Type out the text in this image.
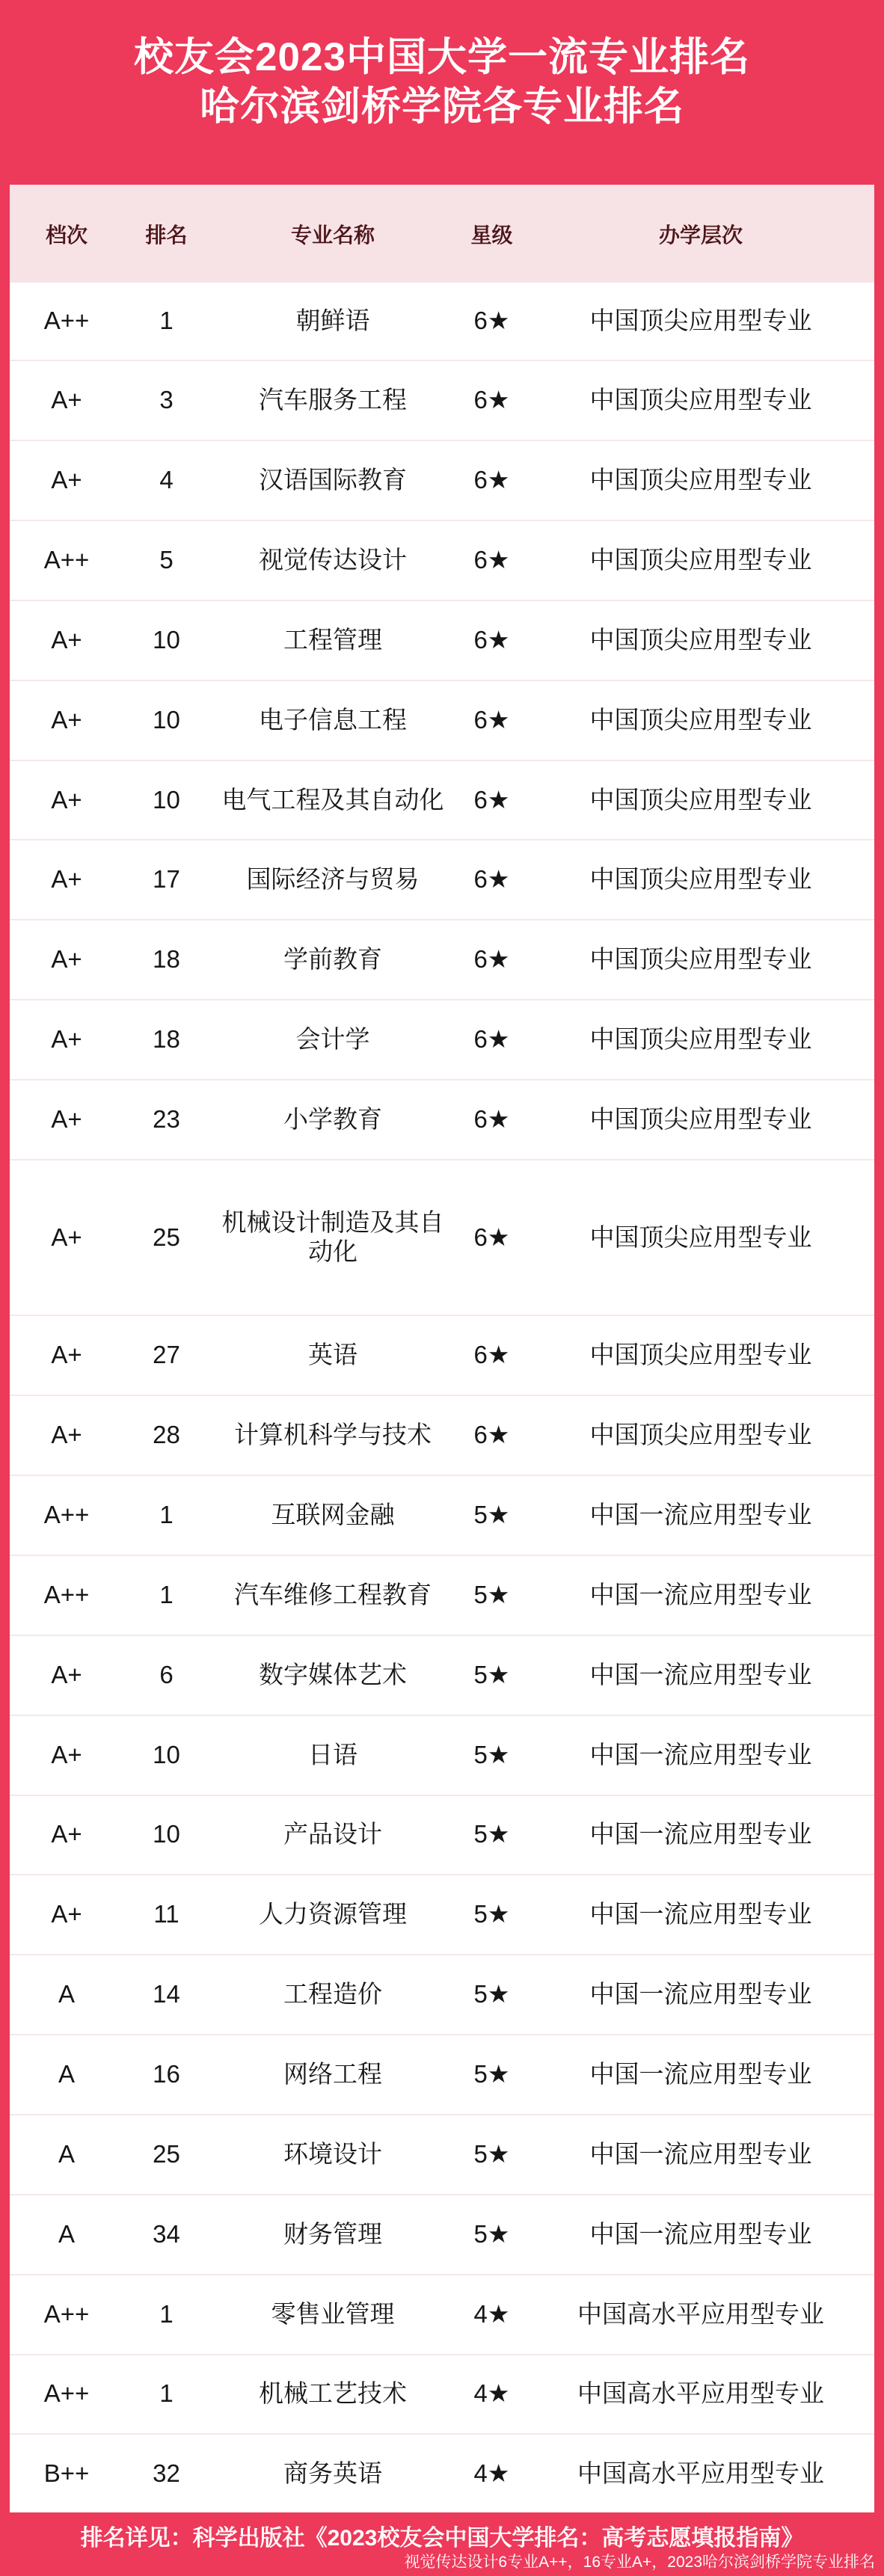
校友会2023中国大学一流专业排名
哈尔滨剑桥学院各专业排名
档次	排名	专业名称	星级	办学层次
A++	1	朝鲜语	6★	中国顶尖应用型专业
A+	3	汽车服务工程	6★	中国顶尖应用型专业
A+	4	汉语国际教育	6★	中国顶尖应用型专业
A++	5	视觉传达设计	6★	中国顶尖应用型专业
A+	10	工程管理	6★	中国顶尖应用型专业
A+	10	电子信息工程	6★	中国顶尖应用型专业
A+	10	电气工程及其自动化	6★	中国顶尖应用型专业
A+	17	国际经济与贸易	6★	中国顶尖应用型专业
A+	18	学前教育	6★	中国顶尖应用型专业
A+	18	会计学	6★	中国顶尖应用型专业
A+	23	小学教育	6★	中国顶尖应用型专业
A+	25	机械设计制造及其自动化	6★	中国顶尖应用型专业
A+	27	英语	6★	中国顶尖应用型专业
A+	28	计算机科学与技术	6★	中国顶尖应用型专业
A++	1	互联网金融	5★	中国一流应用型专业
A++	1	汽车维修工程教育	5★	中国一流应用型专业
A+	6	数字媒体艺术	5★	中国一流应用型专业
A+	10	日语	5★	中国一流应用型专业
A+	10	产品设计	5★	中国一流应用型专业
A+	11	人力资源管理	5★	中国一流应用型专业
A	14	工程造价	5★	中国一流应用型专业
A	16	网络工程	5★	中国一流应用型专业
A	25	环境设计	5★	中国一流应用型专业
A	34	财务管理	5★	中国一流应用型专业
A++	1	零售业管理	4★	中国高水平应用型专业
A++	1	机械工艺技术	4★	中国高水平应用型专业
B++	32	商务英语	4★	中国高水平应用型专业
排名详见：科学出版社《2023校友会中国大学排名：高考志愿填报指南》
视觉传达设计6专业A++，16专业A+，2023哈尔滨剑桥学院专业排名
